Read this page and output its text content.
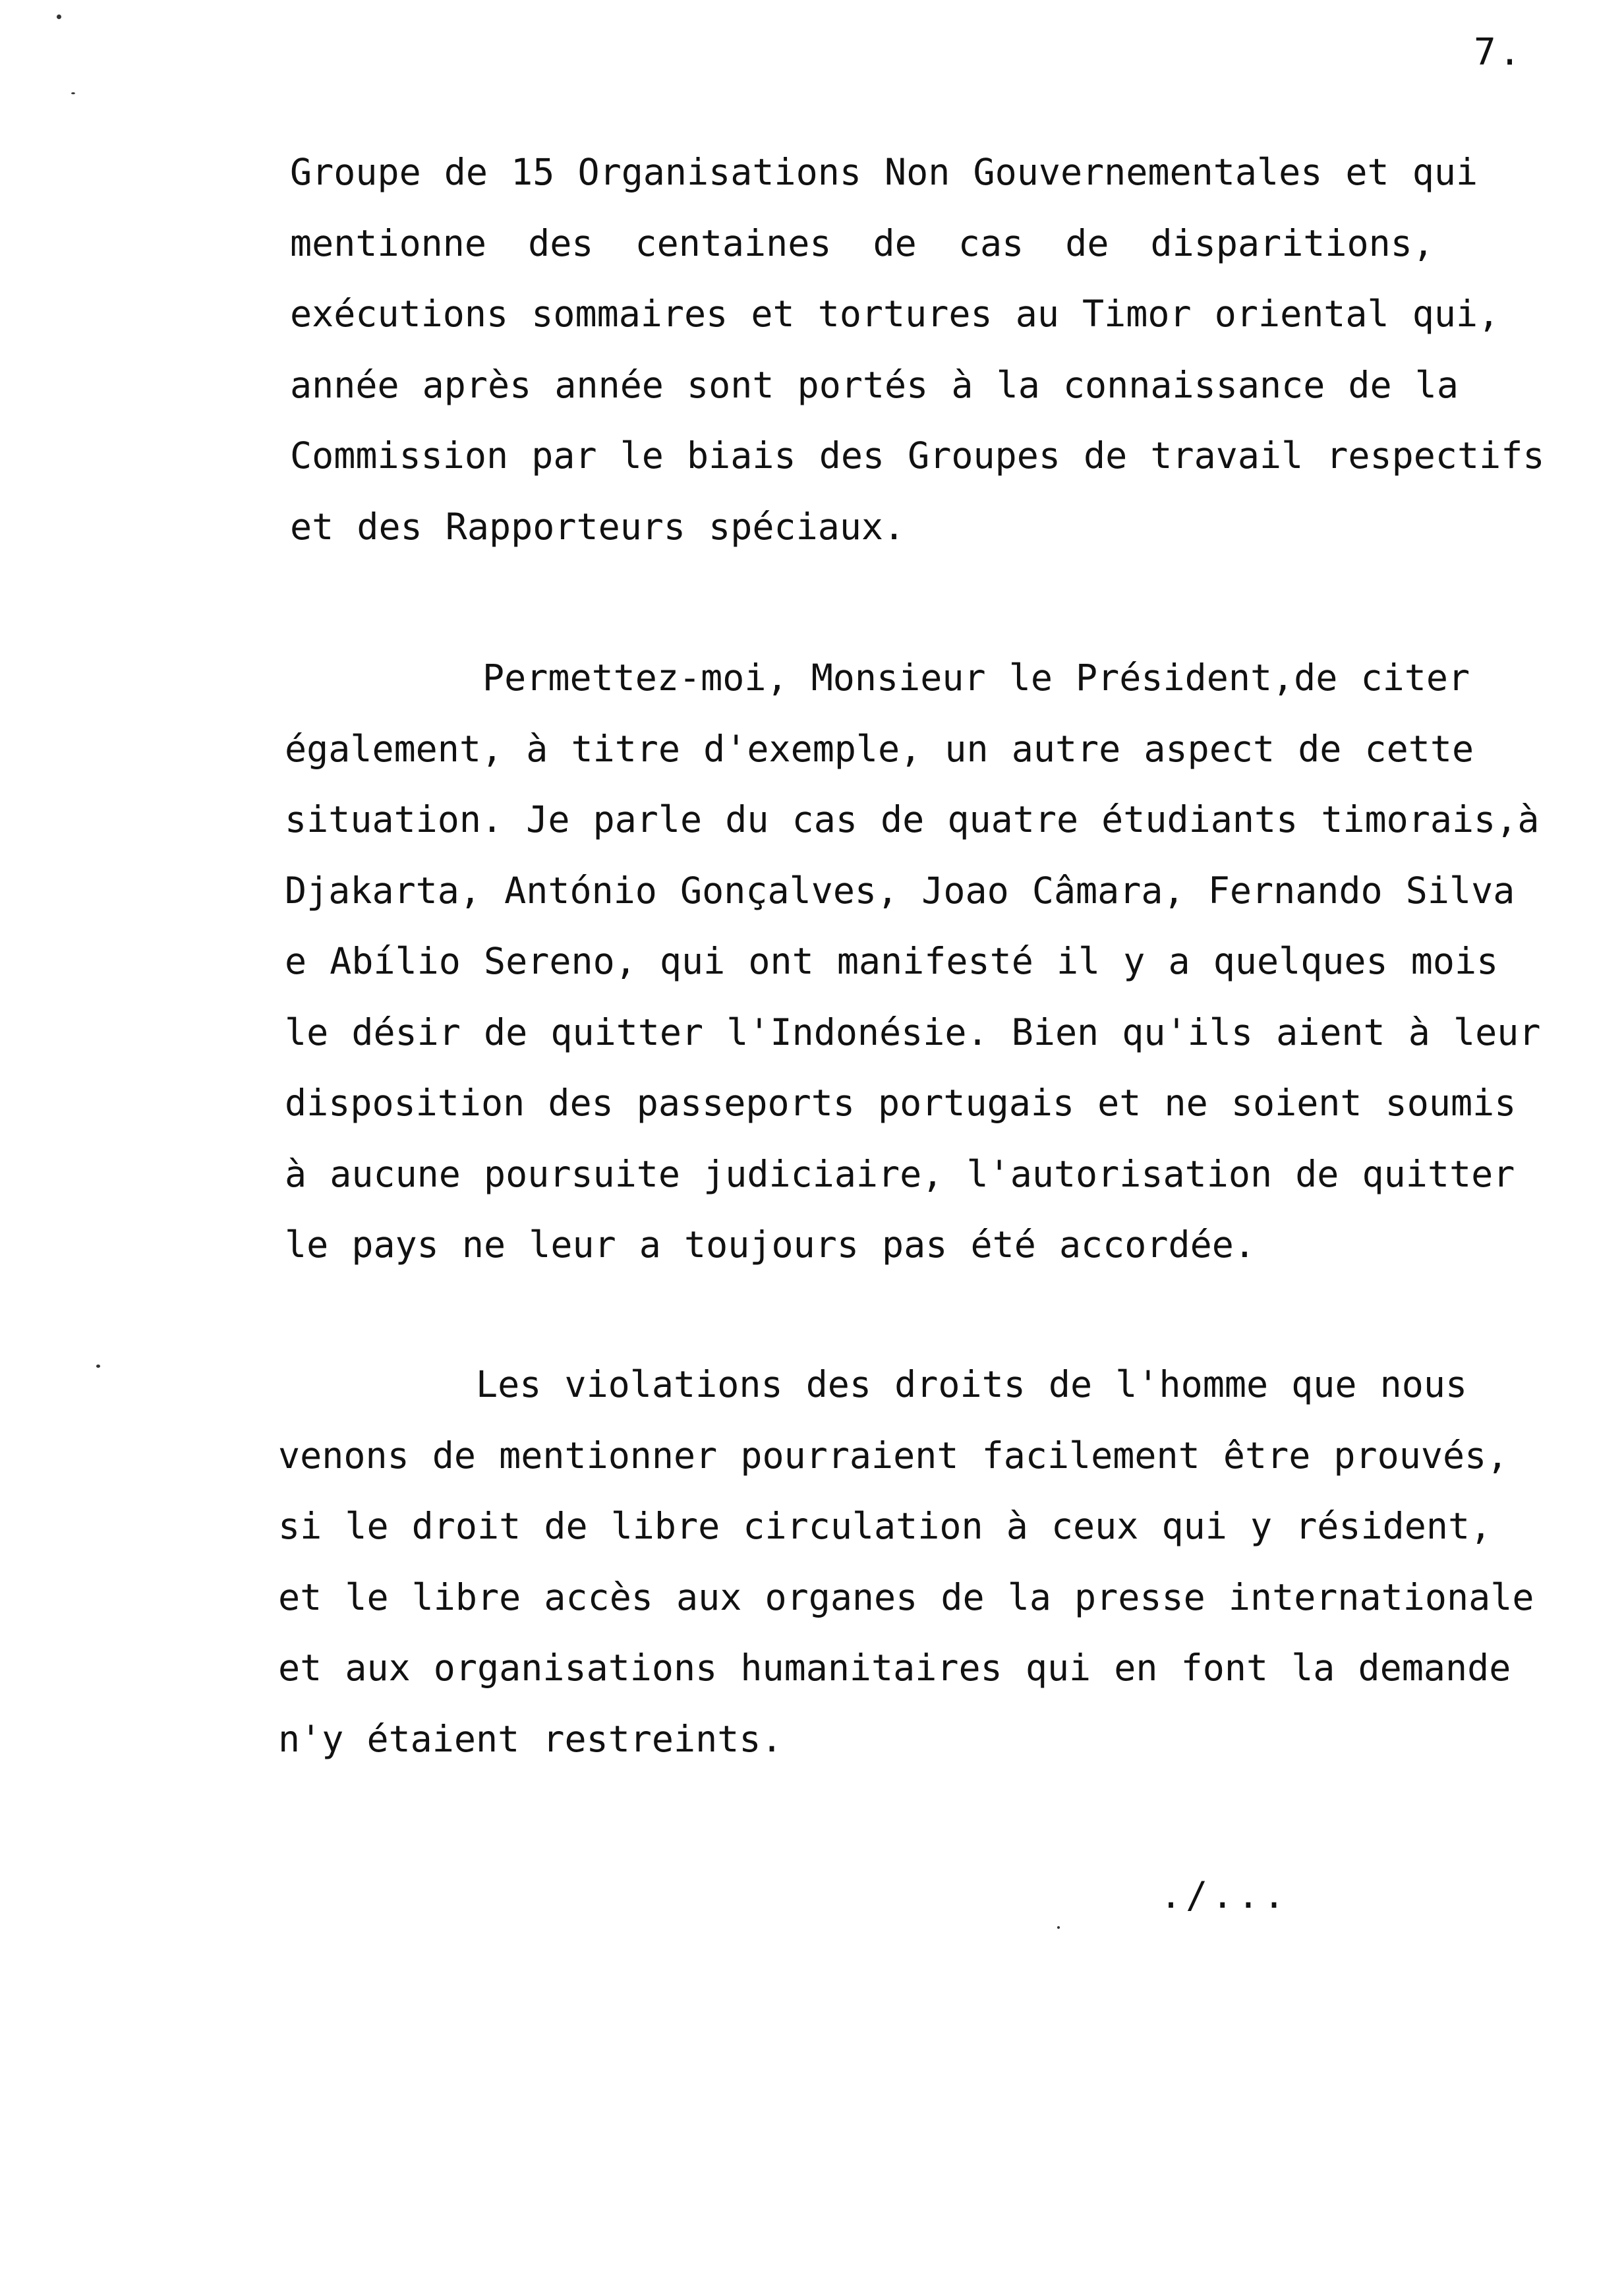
7.
Groupe de 15 Organisations Non Gouvernementales et qui
mentionne des centaines de cas de disparitions,
exécutions sommaires et tortures au Timor oriental qui,
année après année sont portés à la connaissance de la
Commission par le biais des Groupes de travail respectifs
et des Rapporteurs spéciaux.
Permettez-moi, Monsieur le Président,de citer
également, à titre d'exemple, un autre aspect de cette
situation. Je parle du cas de quatre étudiants timorais,à
Djakarta, António Gonçalves, Joao Câmara, Fernando Silva
e Abílio Sereno, qui ont manifesté il y a quelques mois
le désir de quitter l'Indonésie. Bien qu'ils aient à leur
disposition des passeports portugais et ne soient soumis
à aucune poursuite judiciaire, l'autorisation de quitter
le pays ne leur a toujours pas été accordée.
Les violations des droits de l'homme que nous
venons de mentionner pourraient facilement être prouvés,
si le droit de libre circulation à ceux qui y résident,
et le libre accès aux organes de la presse internationale
et aux organisations humanitaires qui en font la demande
n'y étaient restreints.
./...
